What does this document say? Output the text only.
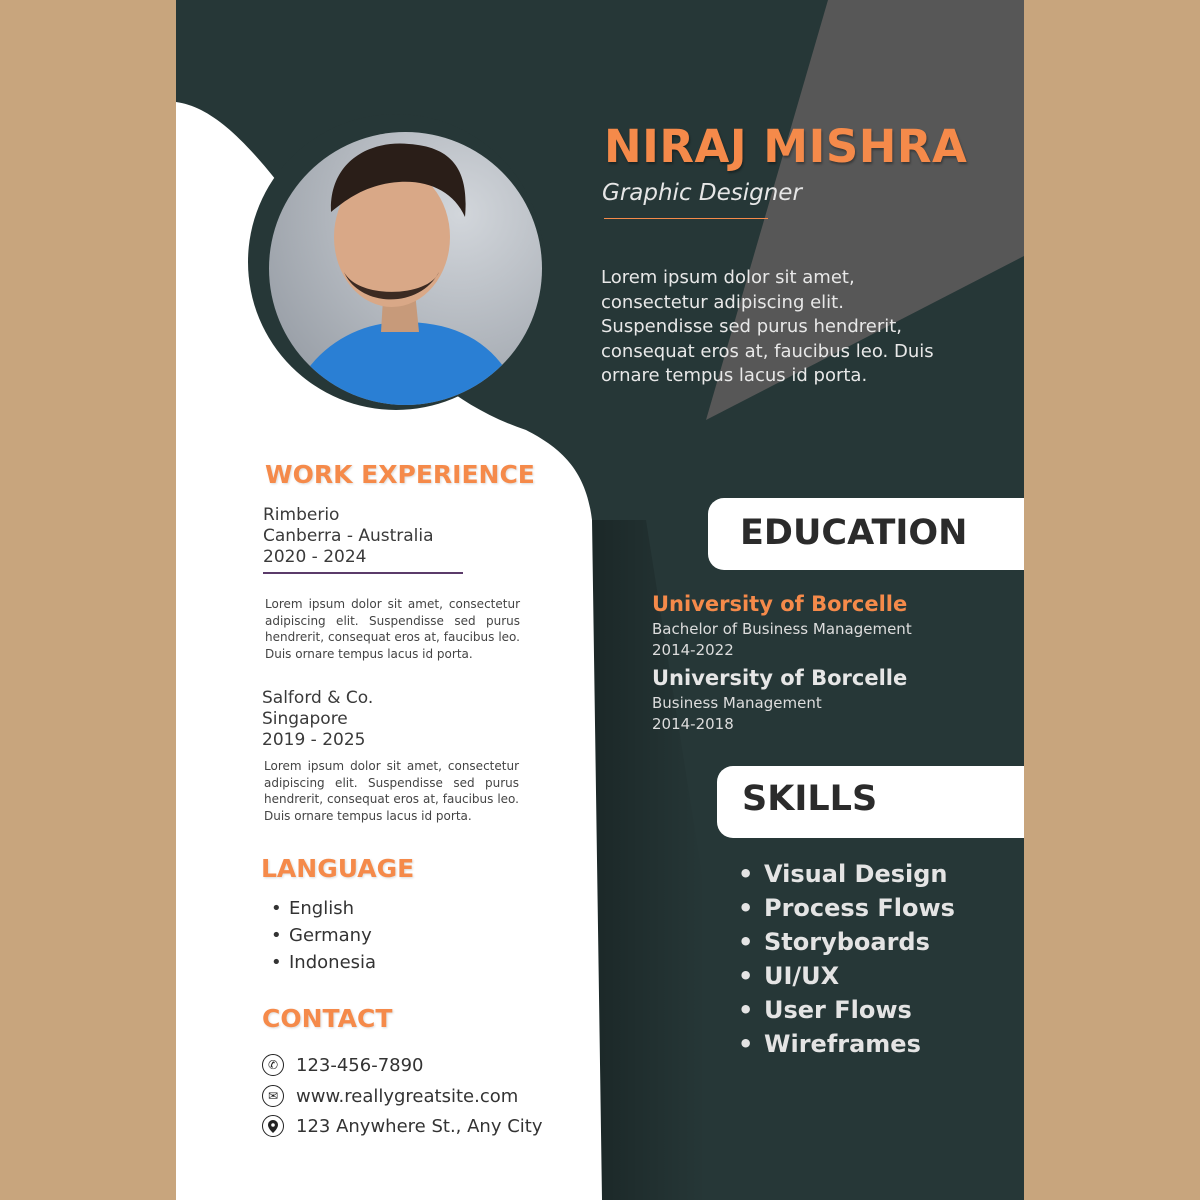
NIRAJ MISHRA
Graphic Designer

Lorem ipsum dolor sit amet, consectetur adipiscing elit. Suspendisse sed purus hendrerit, consequat eros at, faucibus leo. Duis ornare tempus lacus id porta.

WORK EXPERIENCE
Rimberio
Canberra - Australia
2020 - 2024

Lorem ipsum dolor sit amet, consectetur adipiscing elit. Suspendisse sed purus hendrerit, consequat eros at, faucibus leo. Duis ornare tempus lacus id porta.

Salford & Co.
Singapore
2019 - 2025

Lorem ipsum dolor sit amet, consectetur adipiscing elit. Suspendisse sed purus hendrerit, consequat eros at, faucibus leo. Duis ornare tempus lacus id porta.

LANGUAGE
• English
• Germany
• Indonesia
CONTACT
✆ 123-456-7890
✉ www.reallygreatsite.com
123 Anywhere St., Any City
EDUCATION
University of Borcelle
Bachelor of Business Management
2014-2022
University of Borcelle
Business Management
2014-2018
SKILLS
• Visual Design
• Process Flows
• Storyboards
• UI/UX
• User Flows
• Wireframes
